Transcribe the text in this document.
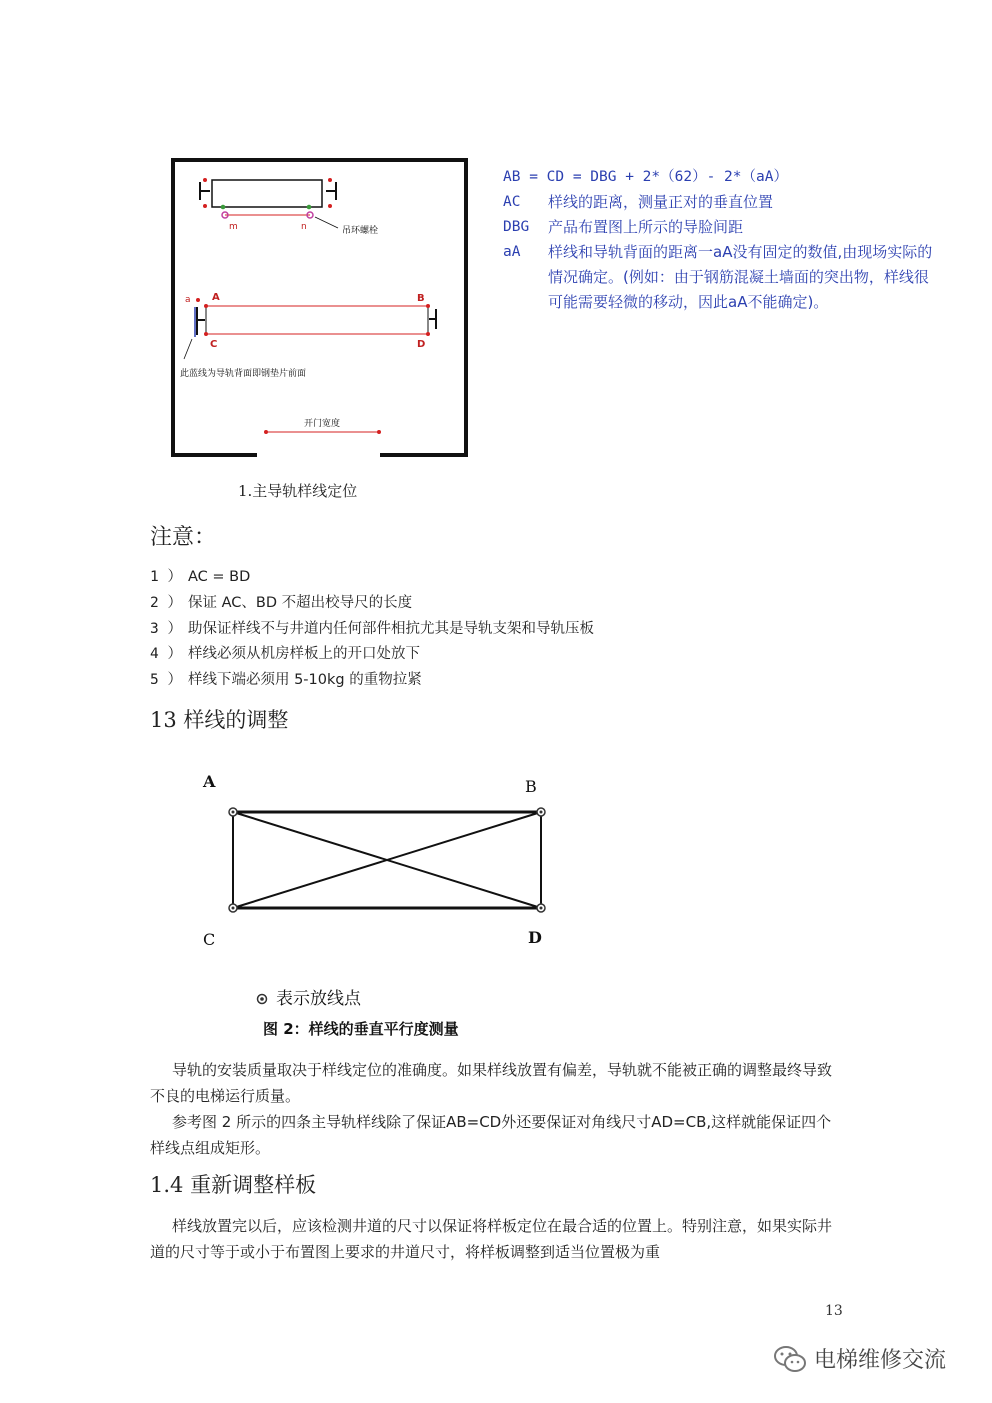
m	n	吊环螺栓
a A	B
C	D
此蓝线为导轨背面即钢垫片前面
开门宽度
AB = CD = DBG + 2*（62）- 2*（aA）
AC	样线的距离，测量正对的垂直位置
DBG	产品布置图上所示的导脸间距
aA	样线和导轨背面的距离一aA没有固定的数值,由现场实际的情况确定。(例如：由于钢筋混凝土墙面的突出物，样线很可能需要轻微的移动，因此aA不能确定)。
1.主导轨样线定位
注意：
1 ） AC = BD
2 ） 保证 AC、BD 不超出校导尺的长度
3 ） 助保证样线不与井道内任何部件相抗尤其是导轨支架和导轨压板
4 ） 样线必须从机房样板上的开口处放下
5 ） 样线下端必须用 5-10kg 的重物拉紧
13 样线的调整
A	B
C	D
表示放线点
图 2：样线的垂直平行度测量
导轨的安装质量取决于样线定位的准确度。如果样线放置有偏差，导轨就不能被正确的调整最终导致不良的电梯运行质量。
参考图 2 所示的四条主导轨样线除了保证AB=CD外还要保证对角线尺寸AD=CB,这样就能保证四个样线点组成矩形。
1.4 重新调整样板
样线放置完以后，应该检测井道的尺寸以保证将样板定位在最合适的位置上。特别注意，如果实际井道的尺寸等于或小于布置图上要求的井道尺寸，将样板调整到适当位置极为重
13
电梯维修交流
